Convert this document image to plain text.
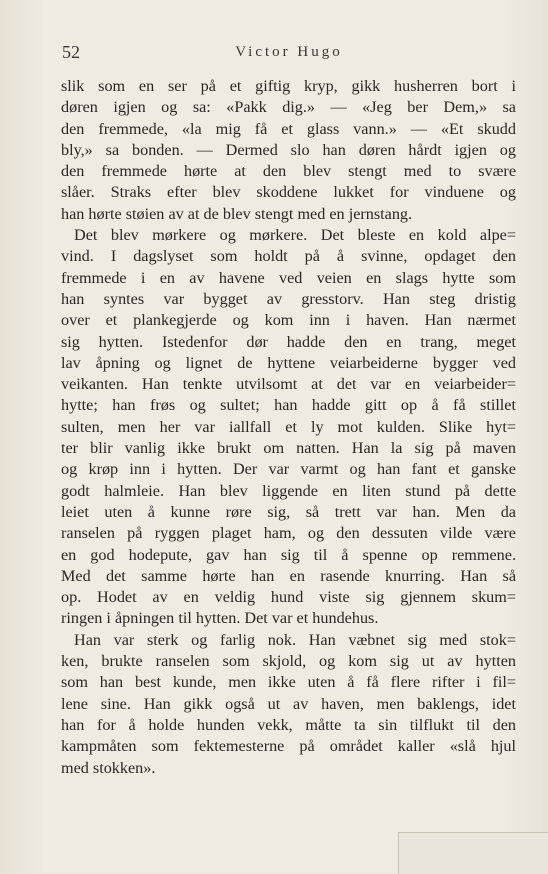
52	Victor Hugo
slik som en ser på et giftig kryp, gikk husherren bort i
døren igjen og sa: «Pakk dig.» — «Jeg ber Dem,» sa
den fremmede, «la mig få et glass vann.» — «Et skudd
bly,» sa bonden. — Dermed slo han døren hårdt igjen og
den fremmede hørte at den blev stengt med to svære
slåer. Straks efter blev skoddene lukket for vinduene og
han hørte støien av at de blev stengt med en jernstang.
Det blev mørkere og mørkere. Det bleste en kold alpe=
vind. I dagslyset som holdt på å svinne, opdaget den
fremmede i en av havene ved veien en slags hytte som
han syntes var bygget av gresstorv. Han steg dristig
over et plankegjerde og kom inn i haven. Han nærmet
sig hytten. Istedenfor dør hadde den en trang, meget
lav åpning og lignet de hyttene veiarbeiderne bygger ved
veikanten. Han tenkte utvilsomt at det var en veiarbeider=
hytte; han frøs og sultet; han hadde gitt op å få stillet
sulten, men her var iallfall et ly mot kulden. Slike hyt=
ter blir vanlig ikke brukt om natten. Han la sig på maven
og krøp inn i hytten. Der var varmt og han fant et ganske
godt halmleie. Han blev liggende en liten stund på dette
leiet uten å kunne røre sig, så trett var han. Men da
ranselen på ryggen plaget ham, og den dessuten vilde være
en god hodepute, gav han sig til å spenne op remmene.
Med det samme hørte han en rasende knurring. Han så
op. Hodet av en veldig hund viste sig gjennem skum=
ringen i åpningen til hytten. Det var et hundehus.
Han var sterk og farlig nok. Han væbnet sig med stok=
ken, brukte ranselen som skjold, og kom sig ut av hytten
som han best kunde, men ikke uten å få flere rifter i fil=
lene sine. Han gikk også ut av haven, men baklengs, idet
han for å holde hunden vekk, måtte ta sin tilflukt til den
kampmåten som fektemesterne på området kaller «slå hjul
med stokken».
